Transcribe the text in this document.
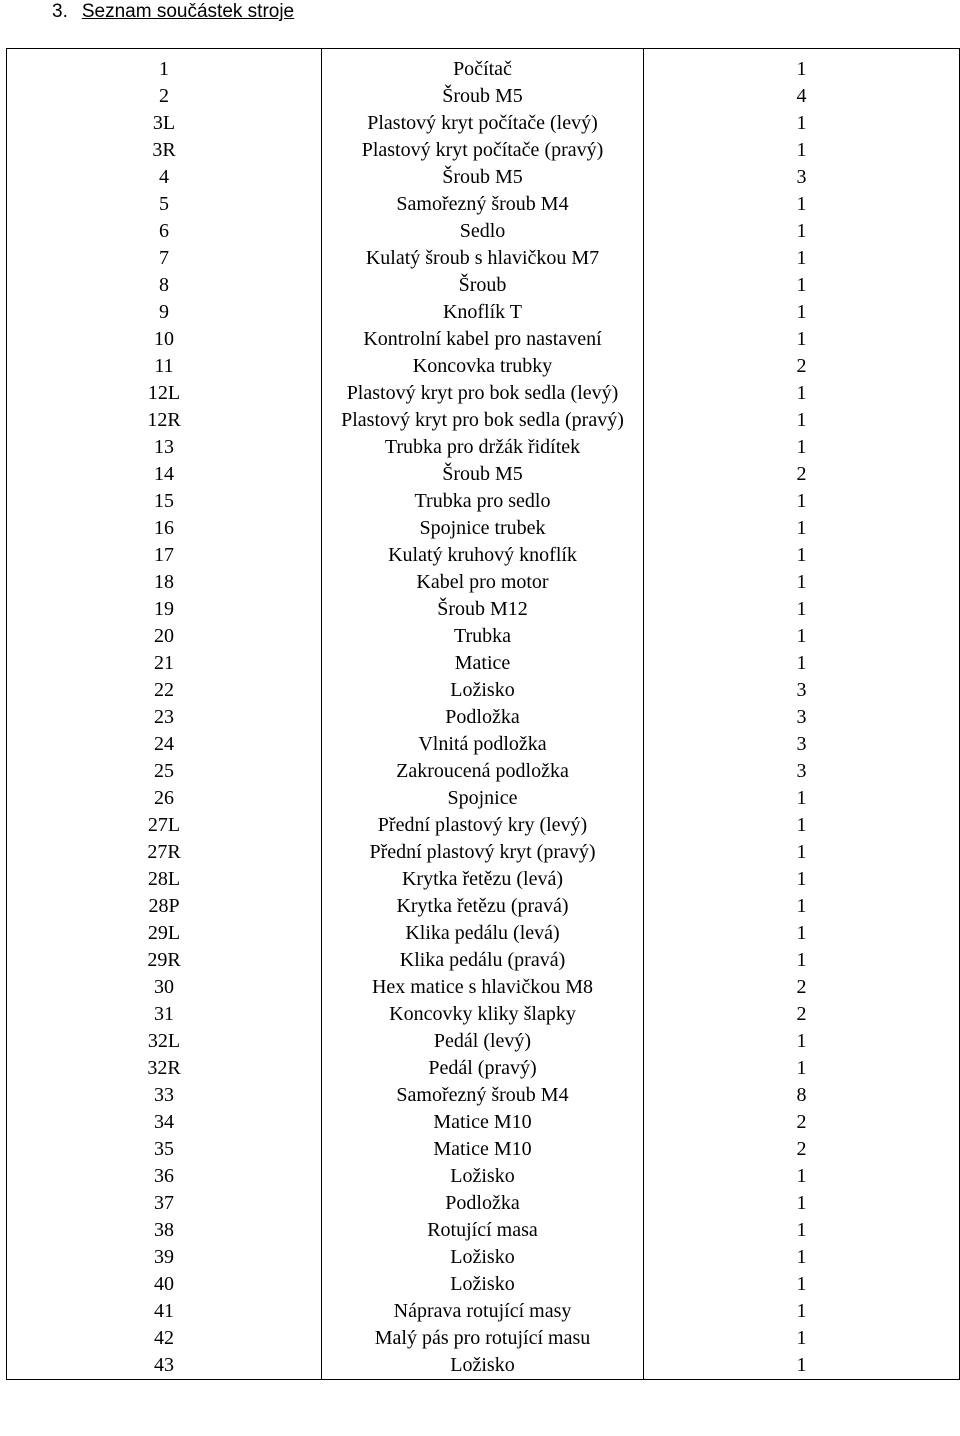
3. Seznam součástek stroje

1	Počítač	1
2	Šroub M5	4
3L	Plastový kryt počítače (levý)	1
3R	Plastový kryt počítače (pravý)	1
4	Šroub M5	3
5	Samořezný šroub M4	1
6	Sedlo	1
7	Kulatý šroub s hlavičkou M7	1
8	Šroub	1
9	Knoflík T	1
10	Kontrolní kabel pro nastavení	1
11	Koncovka trubky	2
12L	Plastový kryt pro bok sedla (levý)	1
12R	Plastový kryt pro bok sedla (pravý)	1
13	Trubka pro držák řidítek	1
14	Šroub M5	2
15	Trubka pro sedlo	1
16	Spojnice trubek	1
17	Kulatý kruhový knoflík	1
18	Kabel pro motor	1
19	Šroub M12	1
20	Trubka	1
21	Matice	1
22	Ložisko	3
23	Podložka	3
24	Vlnitá podložka	3
25	Zakroucená podložka	3
26	Spojnice	1
27L	Přední plastový kry (levý)	1
27R	Přední plastový kryt (pravý)	1
28L	Krytka řetězu (levá)	1
28P	Krytka řetězu (pravá)	1
29L	Klika pedálu (levá)	1
29R	Klika pedálu (pravá)	1
30	Hex matice s hlavičkou M8	2
31	Koncovky kliky šlapky	2
32L	Pedál (levý)	1
32R	Pedál (pravý)	1
33	Samořezný šroub M4	8
34	Matice M10	2
35	Matice M10	2
36	Ložisko	1
37	Podložka	1
38	Rotující masa	1
39	Ložisko	1
40	Ložisko	1
41	Náprava rotující masy	1
42	Malý pás pro rotující masu	1
43	Ložisko	1
